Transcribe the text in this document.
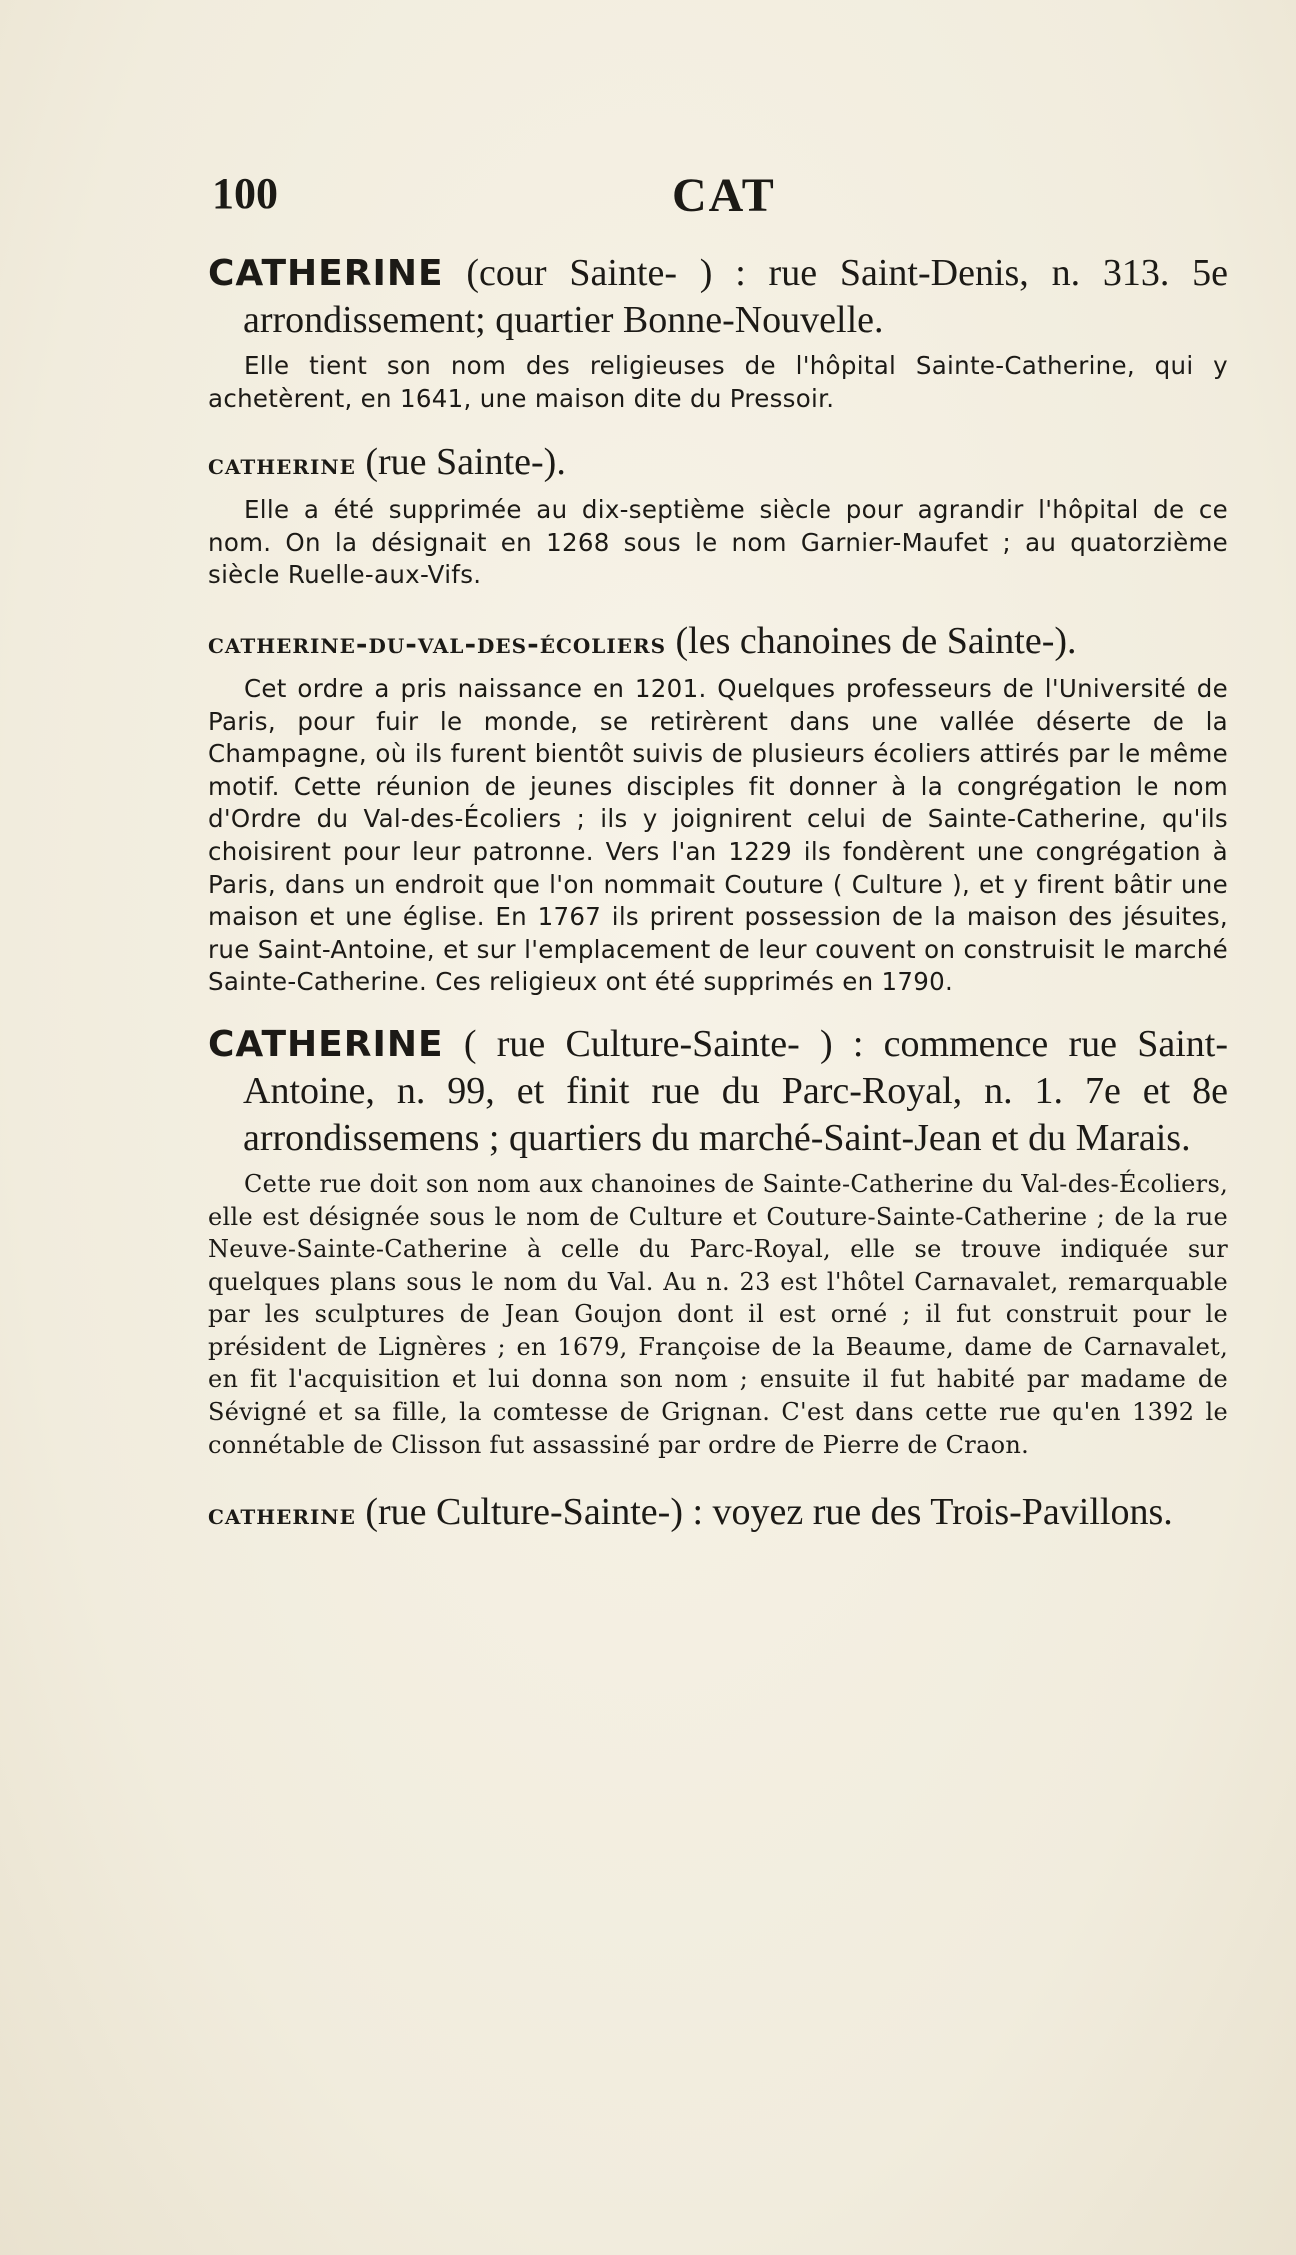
100	CAT

CATHERINE (cour Sainte- ) : rue Saint-Denis, n. 313. 5e arrondissement; quartier Bonne-Nouvelle.

Elle tient son nom des religieuses de l'hôpital Sainte-Catherine, qui y achetèrent, en 1641, une maison dite du Pressoir.

catherine (rue Sainte-).

Elle a été supprimée au dix-septième siècle pour agrandir l'hôpital de ce nom. On la désignait en 1268 sous le nom Garnier-Maufet ; au quatorzième siècle Ruelle-aux-Vifs.

catherine-du-val-des-écoliers (les chanoines de Sainte-).

Cet ordre a pris naissance en 1201. Quelques professeurs de l'Université de Paris, pour fuir le monde, se retirèrent dans une vallée déserte de la Champagne, où ils furent bientôt suivis de plusieurs écoliers attirés par le même motif. Cette réunion de jeunes disciples fit donner à la congrégation le nom d'Ordre du Val-des-Écoliers ; ils y joignirent celui de Sainte-Catherine, qu'ils choisirent pour leur patronne. Vers l'an 1229 ils fondèrent une congrégation à Paris, dans un endroit que l'on nommait Couture ( Culture ), et y firent bâtir une maison et une église. En 1767 ils prirent possession de la maison des jésuites, rue Saint-Antoine, et sur l'emplacement de leur couvent on construisit le marché Sainte-Catherine. Ces religieux ont été supprimés en 1790.

CATHERINE ( rue Culture-Sainte- ) : commence rue Saint-Antoine, n. 99, et finit rue du Parc-Royal, n. 1. 7e et 8e arrondissemens ; quartiers du marché-Saint-Jean et du Marais.

Cette rue doit son nom aux chanoines de Sainte-Catherine du Val-des-Écoliers, elle est désignée sous le nom de Culture et Couture-Sainte-Catherine ; de la rue Neuve-Sainte-Catherine à celle du Parc-Royal, elle se trouve indiquée sur quelques plans sous le nom du Val. Au n. 23 est l'hôtel Carnavalet, remarquable par les sculptures de Jean Goujon dont il est orné ; il fut construit pour le président de Lignères ; en 1679, Françoise de la Beaume, dame de Carnavalet, en fit l'acquisition et lui donna son nom ; ensuite il fut habité par madame de Sévigné et sa fille, la comtesse de Grignan. C'est dans cette rue qu'en 1392 le connétable de Clisson fut assassiné par ordre de Pierre de Craon.

catherine (rue Culture-Sainte-) : voyez rue des Trois-Pavillons.
